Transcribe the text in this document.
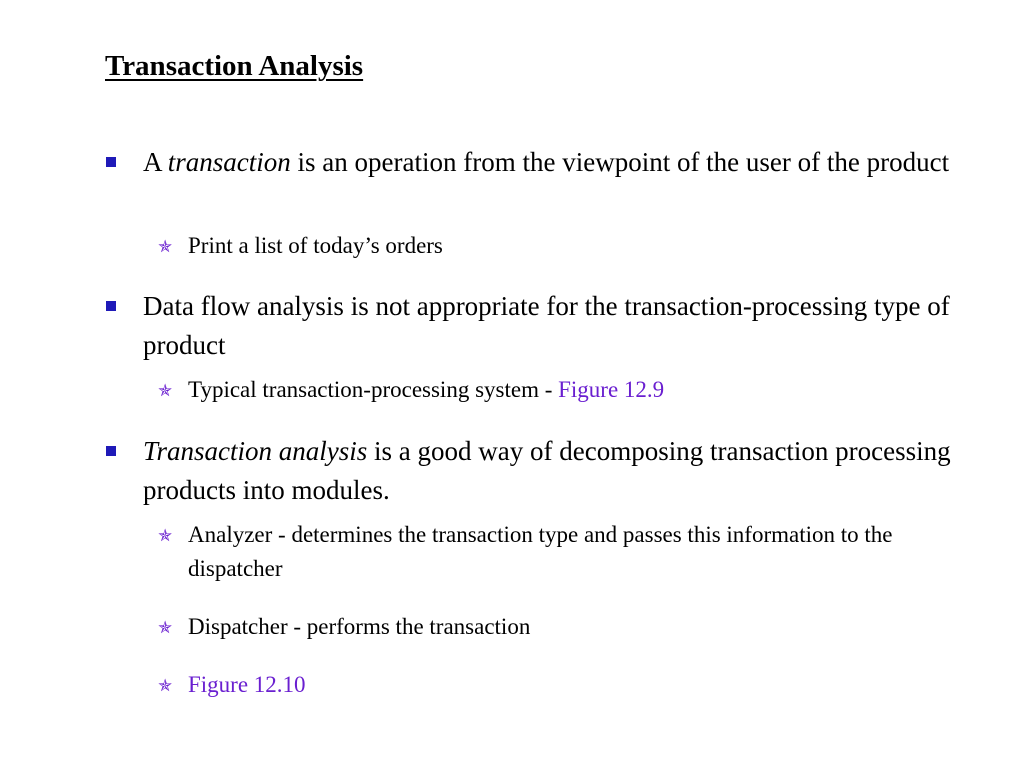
Transaction Analysis
A transaction is an operation from the viewpoint of the user of the product
✯ Print a list of today’s orders
Data flow analysis is not appropriate for the transaction-processing type of product
✯ Typical transaction-processing system - Figure 12.9
Transaction analysis is a good way of decomposing transaction processing products into modules.
✯ Analyzer - determines the transaction type and passes this information to the dispatcher
✯ Dispatcher - performs the transaction
✯ Figure 12.10
